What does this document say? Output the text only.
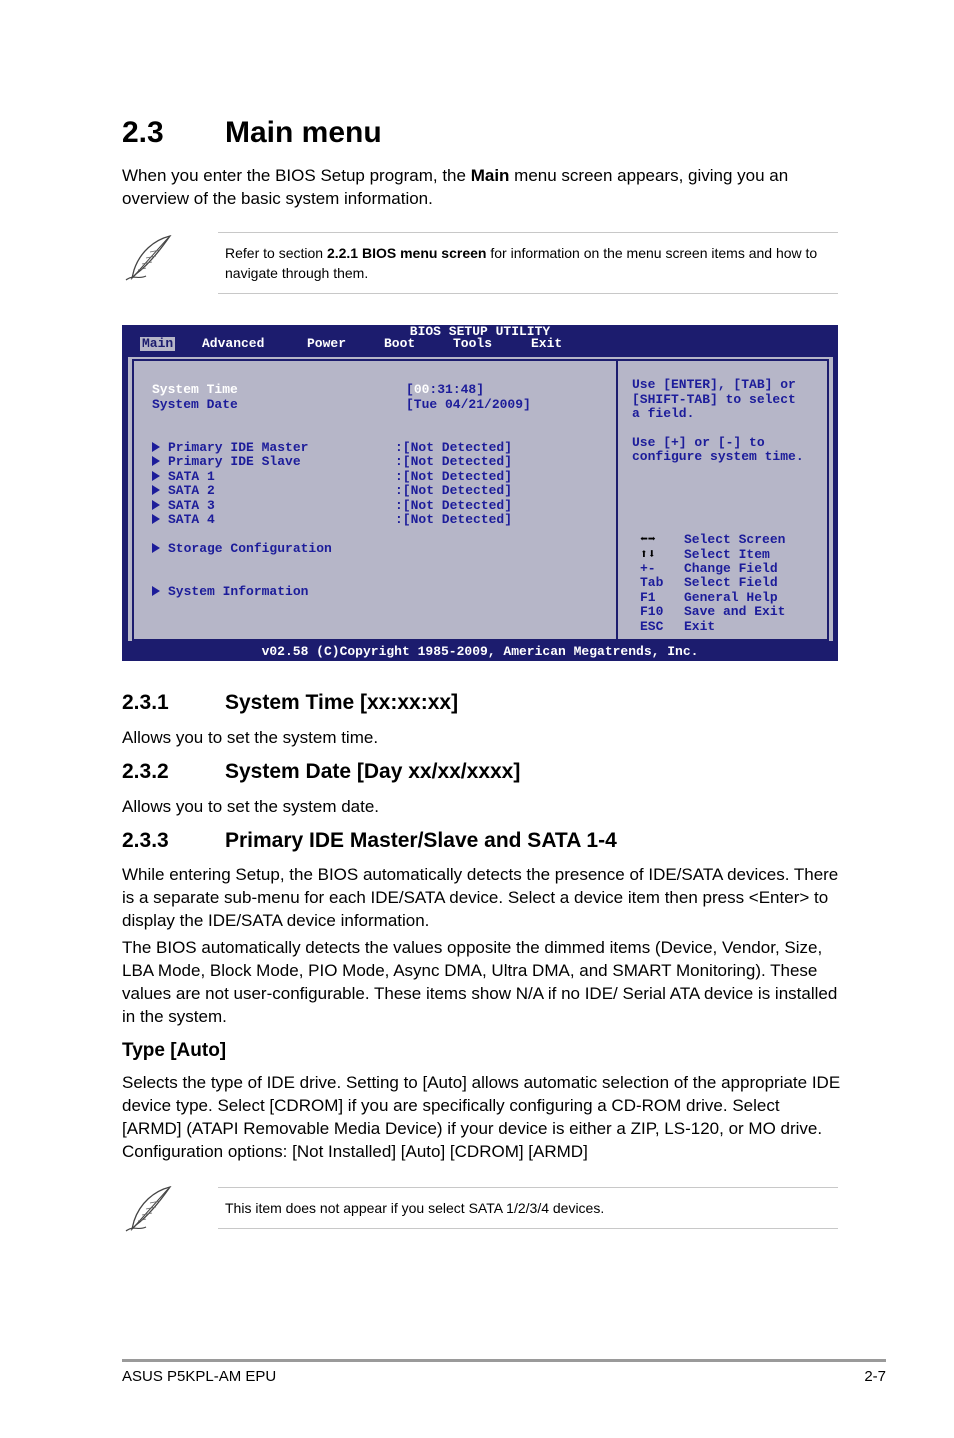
2.3 Main menu
When you enter the BIOS Setup program, the Main menu screen appears, giving you an overview of the basic system information.
Refer to section 2.2.1 BIOS menu screen for information on the menu screen items and how to navigate through them.
BIOS SETUP UTILITY

Main

Advanced

	Power

	Boot

	Tools

	Exit

System Time	[00:31:48]
System Date	[Tue 04/21/2009]
Primary IDE Master	:[Not Detected]
Primary IDE Slave	:[Not Detected]
SATA 1	:[Not Detected]
SATA 2	:[Not Detected]
SATA 3	:[Not Detected]
SATA 4	:[Not Detected]
Storage Configuration
System Information
Use [ENTER], [TAB] or
[SHIFT-TAB] to select
a field.
Use [+] or [-] to
configure system time.
⬅➡ Select Screen
⬆⬇ Select Item
+- Change Field
Tab Select Field
F1 General Help
F10 Save and Exit
ESC Exit
v02.58 (C)Copyright 1985-2009, American Megatrends, Inc.
2.3.1	System Time [xx:xx:xx]
Allows you to set the system time.
2.3.2	System Date [Day xx/xx/xxxx]
Allows you to set the system date.
2.3.3	Primary IDE Master/Slave and SATA 1-4
While entering Setup, the BIOS automatically detects the presence of IDE/SATA devices. There is a separate sub-menu for each IDE/SATA device. Select a device item then press <Enter> to display the IDE/SATA device information.
The BIOS automatically detects the values opposite the dimmed items (Device, Vendor, Size, LBA Mode, Block Mode, PIO Mode, Async DMA, Ultra DMA, and SMART Monitoring). These values are not user-configurable. These items show N/A if no IDE/ Serial ATA device is installed in the system.
Type [Auto]
Selects the type of IDE drive. Setting to [Auto] allows automatic selection of the appropriate IDE device type. Select [CDROM] if you are specifically configuring a CD-ROM drive. Select [ARMD] (ATAPI Removable Media Device) if your device is either a ZIP, LS-120, or MO drive. Configuration options: [Not Installed] [Auto] [CDROM] [ARMD]
This item does not appear if you select SATA 1/2/3/4 devices.
ASUS P5KPL-AM EPU	2-7
